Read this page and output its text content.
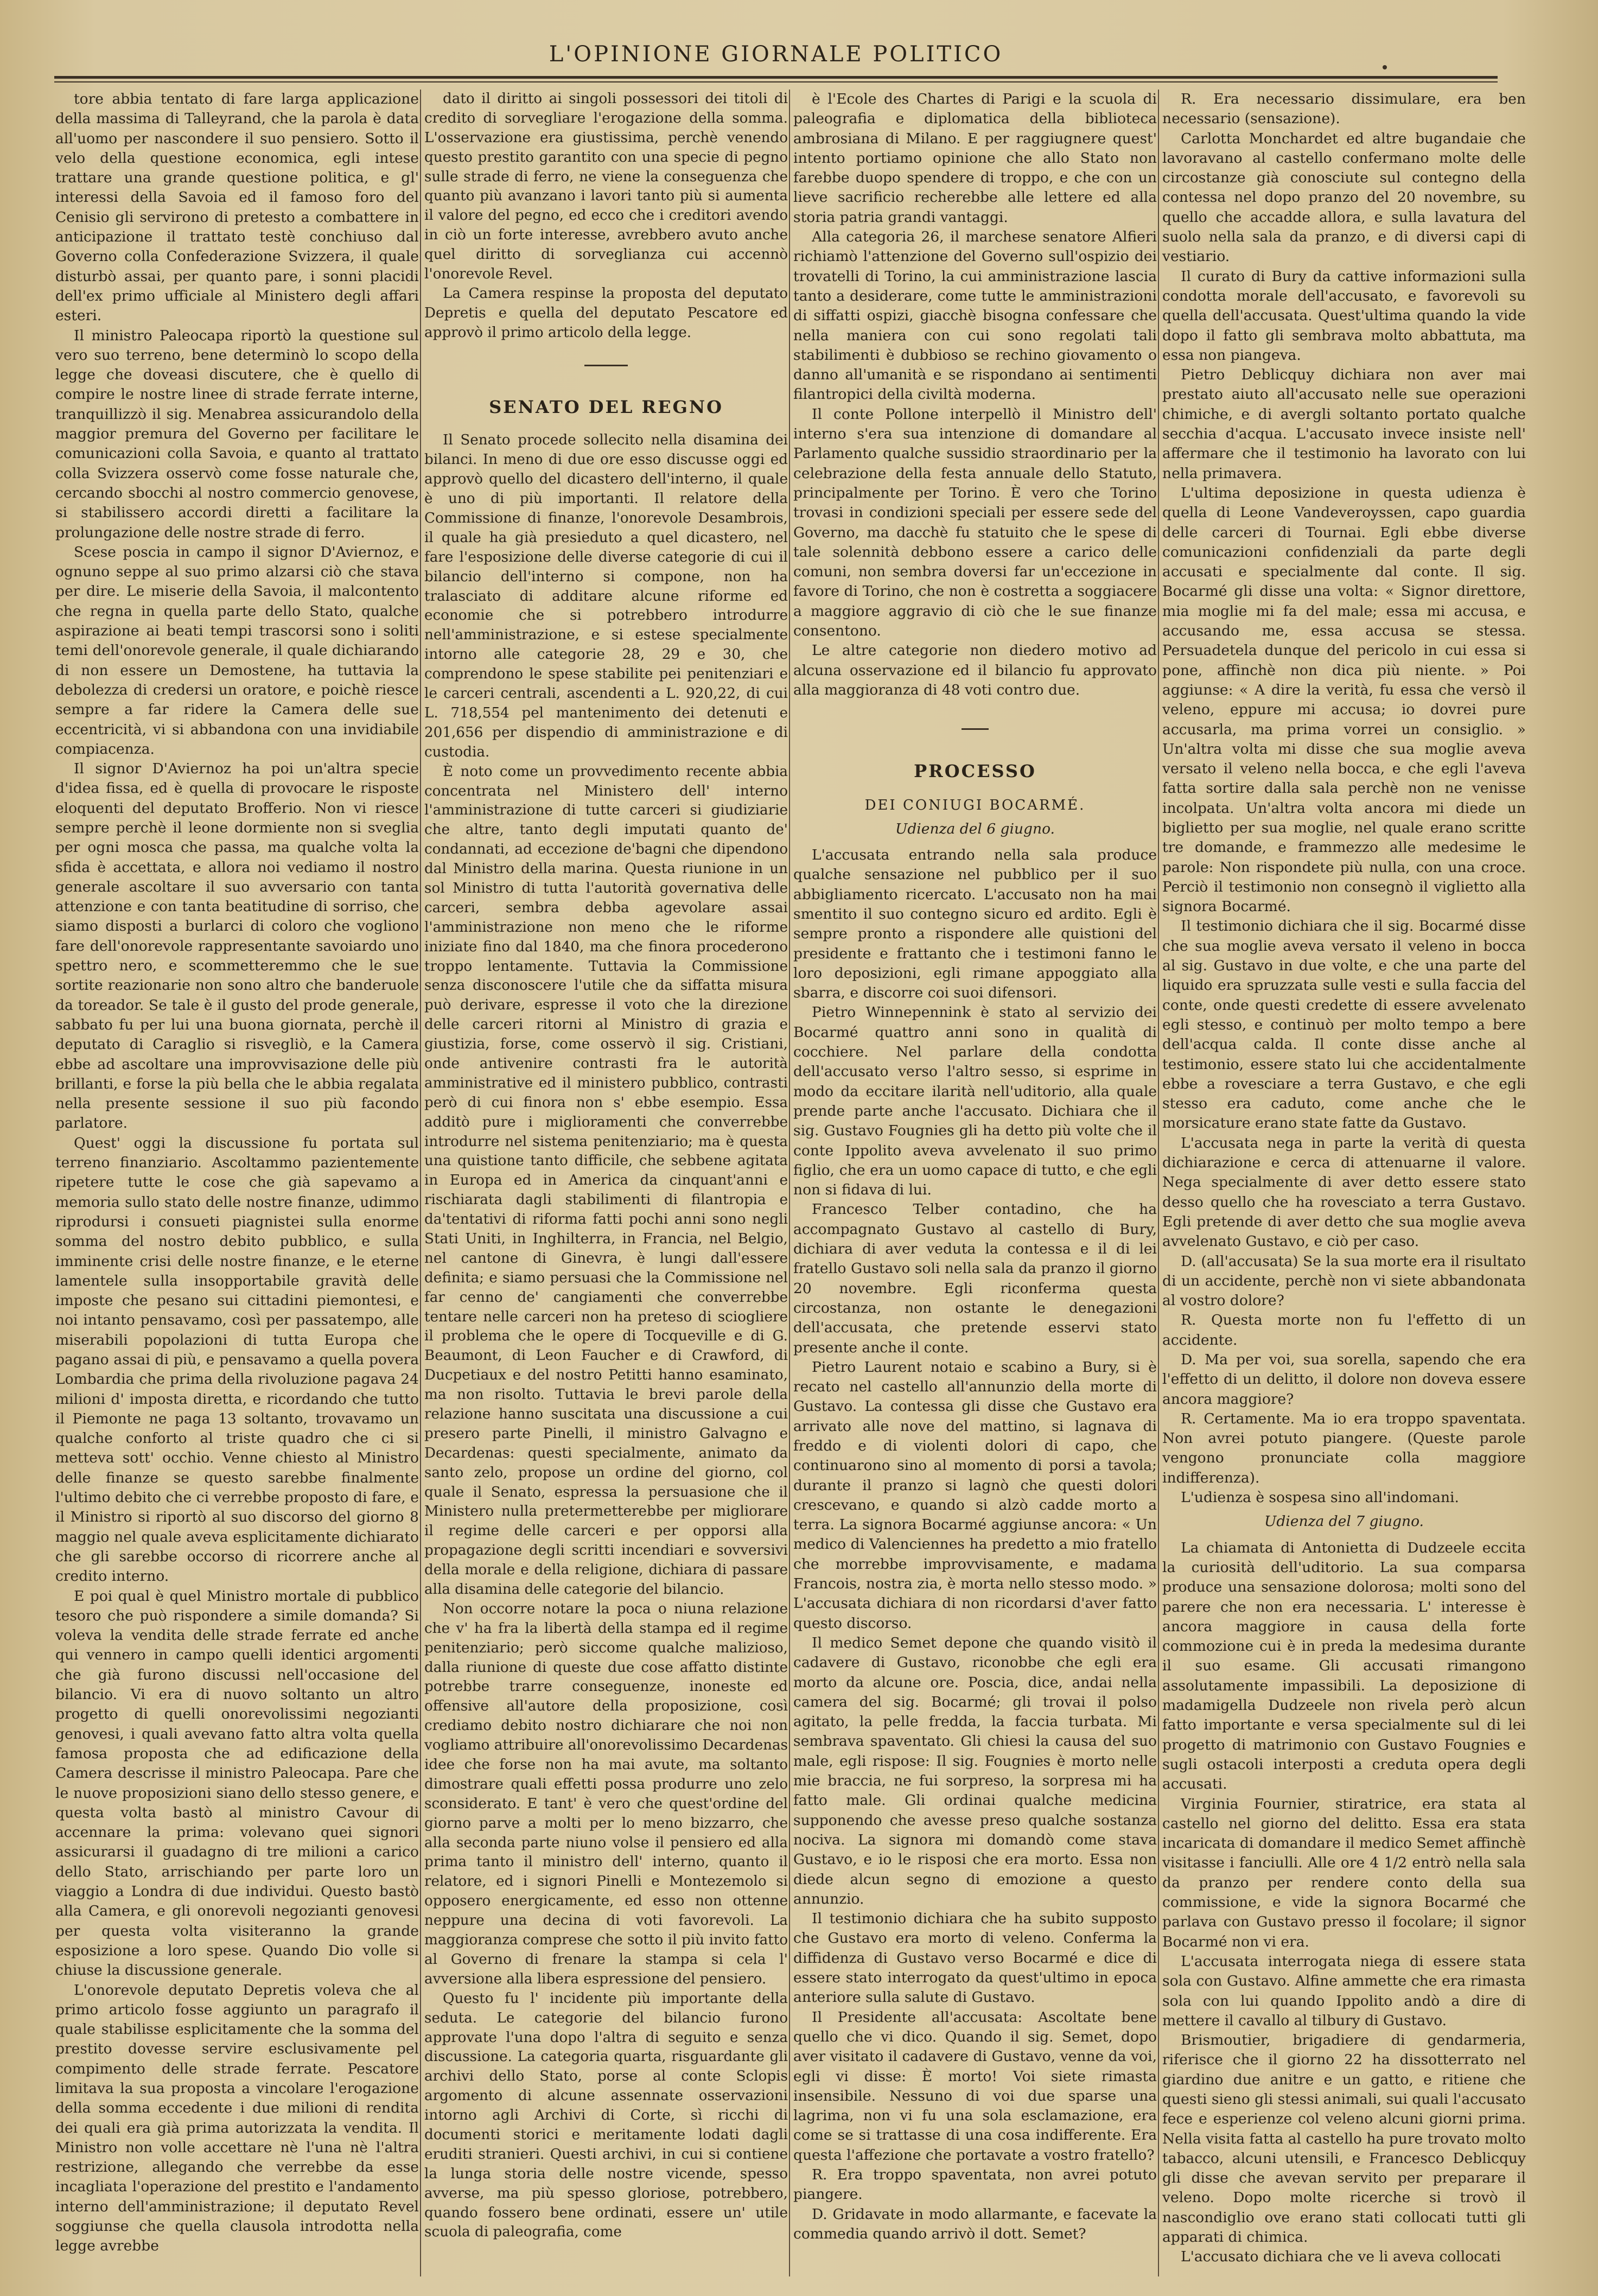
L'OPINIONE GIORNALE POLITICO

tore abbia tentato di fare larga applicazione della massima di Talleyrand, che la parola è data all'uomo per nascondere il suo pensiero. Sotto il velo della questione economica, egli intese trattare una grande questione politica, e gl' interessi della Savoia ed il famoso foro del Cenisio gli servirono di pretesto a combattere in anticipazione il trattato testè conchiuso dal Governo colla Confederazione Svizzera, il quale disturbò assai, per quanto pare, i sonni placidi dell'ex primo ufficiale al Ministero degli affari esteri.

Il ministro Paleocapa riportò la questione sul vero suo terreno, bene determinò lo scopo della legge che doveasi discutere, che è quello di compire le nostre linee di strade ferrate interne, tranquillizzò il sig. Menabrea assicurandolo della maggior premura del Governo per facilitare le comunicazioni colla Savoia, e quanto al trattato colla Svizzera osservò come fosse naturale che, cercando sbocchi al nostro commercio genovese, si stabilissero accordi diretti a facilitare la prolungazione delle nostre strade di ferro.

Scese poscia in campo il signor D'Aviernoz, e ognuno seppe al suo primo alzarsi ciò che stava per dire. Le miserie della Savoia, il malcontento che regna in quella parte dello Stato, qualche aspirazione ai beati tempi trascorsi sono i soliti temi dell'onorevole generale, il quale dichiarando di non essere un Demostene, ha tuttavia la debolezza di credersi un oratore, e poichè riesce sempre a far ridere la Camera delle sue eccentricità, vi si abbandona con una invidiabile compiacenza.

Il signor D'Aviernoz ha poi un'altra specie d'idea fissa, ed è quella di provocare le risposte eloquenti del deputato Brofferio. Non vi riesce sempre perchè il leone dormiente non si sveglia per ogni mosca che passa, ma qualche volta la sfida è accettata, e allora noi vediamo il nostro generale ascoltare il suo avversario con tanta attenzione e con tanta beatitudine di sorriso, che siamo disposti a burlarci di coloro che vogliono fare dell'onorevole rappresentante savoiardo uno spettro nero, e scommetteremmo che le sue sortite reazionarie non sono altro che banderuole da toreador. Se tale è il gusto del prode generale, sabbato fu per lui una buona giornata, perchè il deputato di Caraglio si risvegliò, e la Camera ebbe ad ascoltare una improvvisazione delle più brillanti, e forse la più bella che le abbia regalata nella presente sessione il suo più facondo parlatore.

Quest' oggi la discussione fu portata sul terreno finanziario. Ascoltammo pazientemente ripetere tutte le cose che già sapevamo a memoria sullo stato delle nostre finanze, udimmo riprodursi i consueti piagnistei sulla enorme somma del nostro debito pubblico, e sulla imminente crisi delle nostre finanze, e le eterne lamentele sulla insopportabile gravità delle imposte che pesano sui cittadini piemontesi, e noi intanto pensavamo, così per passatempo, alle miserabili popolazioni di tutta Europa che pagano assai di più, e pensavamo a quella povera Lombardia che prima della rivoluzione pagava 24 milioni d' imposta diretta, e ricordando che tutto il Piemonte ne paga 13 soltanto, trovavamo un qualche conforto al triste quadro che ci si metteva sott' occhio. Venne chiesto al Ministro delle finanze se questo sarebbe finalmente l'ultimo debito che ci verrebbe proposto di fare, e il Ministro si riportò al suo discorso del giorno 8 maggio nel quale aveva esplicitamente dichiarato che gli sarebbe occorso di ricorrere anche al credito interno.

E poi qual è quel Ministro mortale di pubblico tesoro che può rispondere a simile domanda? Si voleva la vendita delle strade ferrate ed anche qui vennero in campo quelli identici argomenti che già furono discussi nell'occasione del bilancio. Vi era di nuovo soltanto un altro progetto di quelli onorevolissimi negozianti genovesi, i quali avevano fatto altra volta quella famosa proposta che ad edificazione della Camera descrisse il ministro Paleocapa. Pare che le nuove proposizioni siano dello stesso genere, e questa volta bastò al ministro Cavour di accennare la prima: volevano quei signori assicurarsi il guadagno di tre milioni a carico dello Stato, arrischiando per parte loro un viaggio a Londra di due individui. Questo bastò alla Camera, e gli onorevoli negozianti genovesi per questa volta visiteranno la grande esposizione a loro spese. Quando Dio volle si chiuse la discussione generale.

L'onorevole deputato Depretis voleva che al primo articolo fosse aggiunto un paragrafo il quale stabilisse esplicitamente che la somma del prestito dovesse servire esclusivamente pel compimento delle strade ferrate. Pescatore limitava la sua proposta a vincolare l'erogazione della somma eccedente i due milioni di rendita dei quali era già prima autorizzata la vendita. Il Ministro non volle accettare nè l'una nè l'altra restrizione, allegando che verrebbe da esse incagliata l'operazione del prestito e l'andamento interno dell'amministrazione; il deputato Revel soggiunse che quella clausola introdotta nella legge avrebbe

dato il diritto ai singoli possessori dei titoli di credito di sorvegliare l'erogazione della somma. L'osservazione era giustissima, perchè venendo questo prestito garantito con una specie di pegno sulle strade di ferro, ne viene la conseguenza che quanto più avanzano i lavori tanto più si aumenta il valore del pegno, ed ecco che i creditori avendo in ciò un forte interesse, avrebbero avuto anche quel diritto di sorveglianza cui accennò l'onorevole Revel.

La Camera respinse la proposta del deputato Depretis e quella del deputato Pescatore ed approvò il primo articolo della legge.

SENATO DEL REGNO

Il Senato procede sollecito nella disamina dei bilanci. In meno di due ore esso discusse oggi ed approvò quello del dicastero dell'interno, il quale è uno di più importanti. Il relatore della Commissione di finanze, l'onorevole Desambrois, il quale ha già presieduto a quel dicastero, nel fare l'esposizione delle diverse categorie di cui il bilancio dell'interno si compone, non ha tralasciato di additare alcune riforme ed economie che si potrebbero introdurre nell'amministrazione, e si estese specialmente intorno alle categorie 28, 29 e 30, che comprendono le spese stabilite pei penitenziari e le carceri centrali, ascendenti a L. 920,22, di cui L. 718,554 pel mantenimento dei detenuti e 201,656 per dispendio di amministrazione e di custodia.

È noto come un provvedimento recente abbia concentrata nel Ministero dell' interno l'amministrazione di tutte carceri si giudiziarie che altre, tanto degli imputati quanto de' condannati, ad eccezione de'bagni che dipendono dal Ministro della marina. Questa riunione in un sol Ministro di tutta l'autorità governativa delle carceri, sembra debba agevolare assai l'amministrazione non meno che le riforme iniziate fino dal 1840, ma che finora procederono troppo lentamente. Tuttavia la Commissione senza disconoscere l'utile che da siffatta misura può derivare, espresse il voto che la direzione delle carceri ritorni al Ministro di grazia e giustizia, forse, come osservò il sig. Cristiani, onde antivenire contrasti fra le autorità amministrative ed il ministero pubblico, contrasti però di cui finora non s' ebbe esempio. Essa additò pure i miglioramenti che converrebbe introdurre nel sistema penitenziario; ma è questa una quistione tanto difficile, che sebbene agitata in Europa ed in America da cinquant'anni e rischiarata dagli stabilimenti di filantropia e da'tentativi di riforma fatti pochi anni sono negli Stati Uniti, in Inghilterra, in Francia, nel Belgio, nel cantone di Ginevra, è lungi dall'essere definita; e siamo persuasi che la Commissione nel far cenno de' cangiamenti che converrebbe tentare nelle carceri non ha preteso di sciogliere il problema che le opere di Tocqueville e di G. Beaumont, di Leon Faucher e di Crawford, di Ducpetiaux e del nostro Petitti hanno esaminato, ma non risolto. Tuttavia le brevi parole della relazione hanno suscitata una discussione a cui presero parte Pinelli, il ministro Galvagno e Decardenas: questi specialmente, animato da santo zelo, propose un ordine del giorno, col quale il Senato, espressa la persuasione che il Ministero nulla pretermetterebbe per migliorare il regime delle carceri e per opporsi alla propagazione degli scritti incendiari e sovversivi della morale e della religione, dichiara di passare alla disamina delle categorie del bilancio.

Non occorre notare la poca o niuna relazione che v' ha fra la libertà della stampa ed il regime penitenziario; però siccome qualche malizioso, dalla riunione di queste due cose affatto distinte potrebbe trarre conseguenze, inoneste ed offensive all'autore della proposizione, così crediamo debito nostro dichiarare che noi non vogliamo attribuire all'onorevolissimo Decardenas idee che forse non ha mai avute, ma soltanto dimostrare quali effetti possa produrre uno zelo sconsiderato. E tant' è vero che quest'ordine del giorno parve a molti per lo meno bizzarro, che alla seconda parte niuno volse il pensiero ed alla prima tanto il ministro dell' interno, quanto il relatore, ed i signori Pinelli e Montezemolo si opposero energicamente, ed esso non ottenne neppure una decina di voti favorevoli. La maggioranza comprese che sotto il più invito fatto al Governo di frenare la stampa si cela l' avversione alla libera espressione del pensiero.

Questo fu l' incidente più importante della seduta. Le categorie del bilancio furono approvate l'una dopo l'altra di seguito e senza discussione. La categoria quarta, risguardante gli archivi dello Stato, porse al conte Sclopis argomento di alcune assennate osservazioni intorno agli Archivi di Corte, sì ricchi di documenti storici e meritamente lodati dagli eruditi stranieri. Questi archivi, in cui si contiene la lunga storia delle nostre vicende, spesso avverse, ma più spesso gloriose, potrebbero, quando fossero bene ordinati, essere un' utile scuola di paleografia, come

è l'Ecole des Chartes di Parigi e la scuola di paleografia e diplomatica della biblioteca ambrosiana di Milano. E per raggiugnere quest' intento portiamo opinione che allo Stato non farebbe duopo spendere di troppo, e che con un lieve sacrificio recherebbe alle lettere ed alla storia patria grandi vantaggi.

Alla categoria 26, il marchese senatore Alfieri richiamò l'attenzione del Governo sull'ospizio dei trovatelli di Torino, la cui amministrazione lascia tanto a desiderare, come tutte le amministrazioni di siffatti ospizi, giacchè bisogna confessare che nella maniera con cui sono regolati tali stabilimenti è dubbioso se rechino giovamento o danno all'umanità e se rispondano ai sentimenti filantropici della civiltà moderna.

Il conte Pollone interpellò il Ministro dell' interno s'era sua intenzione di domandare al Parlamento qualche sussidio straordinario per la celebrazione della festa annuale dello Statuto, principalmente per Torino. È vero che Torino trovasi in condizioni speciali per essere sede del Governo, ma dacchè fu statuito che le spese di tale solennità debbono essere a carico delle comuni, non sembra doversi far un'eccezione in favore di Torino, che non è costretta a soggiacere a maggiore aggravio di ciò che le sue finanze consentono.

Le altre categorie non diedero motivo ad alcuna osservazione ed il bilancio fu approvato alla maggioranza di 48 voti contro due.

PROCESSO
DEI CONIUGI BOCARMÉ.
Udienza del 6 giugno.

L'accusata entrando nella sala produce qualche sensazione nel pubblico per il suo abbigliamento ricercato. L'accusato non ha mai smentito il suo contegno sicuro ed ardito. Egli è sempre pronto a rispondere alle quistioni del presidente e frattanto che i testimoni fanno le loro deposizioni, egli rimane appoggiato alla sbarra, e discorre coi suoi difensori.

Pietro Winnepennink è stato al servizio dei Bocarmé quattro anni sono in qualità di cocchiere. Nel parlare della condotta dell'accusato verso l'altro sesso, si esprime in modo da eccitare ilarità nell'uditorio, alla quale prende parte anche l'accusato. Dichiara che il sig. Gustavo Fougnies gli ha detto più volte che il conte Ippolito aveva avvelenato il suo primo figlio, che era un uomo capace di tutto, e che egli non si fidava di lui.

Francesco Telber contadino, che ha accompagnato Gustavo al castello di Bury, dichiara di aver veduta la contessa e il di lei fratello Gustavo soli nella sala da pranzo il giorno 20 novembre. Egli riconferma questa circostanza, non ostante le denegazioni dell'accusata, che pretende esservi stato presente anche il conte.

Pietro Laurent notaio e scabino a Bury, si è recato nel castello all'annunzio della morte di Gustavo. La contessa gli disse che Gustavo era arrivato alle nove del mattino, si lagnava di freddo e di violenti dolori di capo, che continuarono sino al momento di porsi a tavola; durante il pranzo si lagnò che questi dolori crescevano, e quando si alzò cadde morto a terra. La signora Bocarmé aggiunse ancora: « Un medico di Valenciennes ha predetto a mio fratello che morrebbe improvvisamente, e madama Francois, nostra zia, è morta nello stesso modo. » L'accusata dichiara di non ricordarsi d'aver fatto questo discorso.

Il medico Semet depone che quando visitò il cadavere di Gustavo, riconobbe che egli era morto da alcune ore. Poscia, dice, andai nella camera del sig. Bocarmé; gli trovai il polso agitato, la pelle fredda, la faccia turbata. Mi sembrava spaventato. Gli chiesi la causa del suo male, egli rispose: Il sig. Fougnies è morto nelle mie braccia, ne fui sorpreso, la sorpresa mi ha fatto male. Gli ordinai qualche medicina supponendo che avesse preso qualche sostanza nociva. La signora mi domandò come stava Gustavo, e io le risposi che era morto. Essa non diede alcun segno di emozione a questo annunzio.

Il testimonio dichiara che ha subito supposto che Gustavo era morto di veleno. Conferma la diffidenza di Gustavo verso Bocarmé e dice di essere stato interrogato da quest'ultimo in epoca anteriore sulla salute di Gustavo.

Il Presidente all'accusata: Ascoltate bene quello che vi dico. Quando il sig. Semet, dopo aver visitato il cadavere di Gustavo, venne da voi, egli vi disse: È morto! Voi siete rimasta insensibile. Nessuno di voi due sparse una lagrima, non vi fu una sola esclamazione, era come se si trattasse di una cosa indifferente. Era questa l'affezione che portavate a vostro fratello?

R. Era troppo spaventata, non avrei potuto piangere.

D. Gridavate in modo allarmante, e facevate la commedia quando arrivò il dott. Semet?

R. Era necessario dissimulare, era ben necessario (sensazione).

Carlotta Monchardet ed altre bugandaie che lavoravano al castello confermano molte delle circostanze già conosciute sul contegno della contessa nel dopo pranzo del 20 novembre, su quello che accadde allora, e sulla lavatura del suolo nella sala da pranzo, e di diversi capi di vestiario.

Il curato di Bury da cattive informazioni sulla condotta morale dell'accusato, e favorevoli su quella dell'accusata. Quest'ultima quando la vide dopo il fatto gli sembrava molto abbattuta, ma essa non piangeva.

Pietro Deblicquy dichiara non aver mai prestato aiuto all'accusato nelle sue operazioni chimiche, e di avergli soltanto portato qualche secchia d'acqua. L'accusato invece insiste nell' affermare che il testimonio ha lavorato con lui nella primavera.

L'ultima deposizione in questa udienza è quella di Leone Vandeveroyssen, capo guardia delle carceri di Tournai. Egli ebbe diverse comunicazioni confidenziali da parte degli accusati e specialmente dal conte. Il sig. Bocarmé gli disse una volta: « Signor direttore, mia moglie mi fa del male; essa mi accusa, e accusando me, essa accusa se stessa. Persuadetela dunque del pericolo in cui essa si pone, affinchè non dica più niente. » Poi aggiunse: « A dire la verità, fu essa che versò il veleno, eppure mi accusa; io dovrei pure accusarla, ma prima vorrei un consiglio. » Un'altra volta mi disse che sua moglie aveva versato il veleno nella bocca, e che egli l'aveva fatta sortire dalla sala perchè non ne venisse incolpata. Un'altra volta ancora mi diede un biglietto per sua moglie, nel quale erano scritte tre domande, e frammezzo alle medesime le parole: Non rispondete più nulla, con una croce. Perciò il testimonio non consegnò il viglietto alla signora Bocarmé.

Il testimonio dichiara che il sig. Bocarmé disse che sua moglie aveva versato il veleno in bocca al sig. Gustavo in due volte, e che una parte del liquido era spruzzata sulle vesti e sulla faccia del conte, onde questi credette di essere avvelenato egli stesso, e continuò per molto tempo a bere dell'acqua calda. Il conte disse anche al testimonio, essere stato lui che accidentalmente ebbe a rovesciare a terra Gustavo, e che egli stesso era caduto, come anche che le morsicature erano state fatte da Gustavo.

L'accusata nega in parte la verità di questa dichiarazione e cerca di attenuarne il valore. Nega specialmente di aver detto essere stato desso quello che ha rovesciato a terra Gustavo. Egli pretende di aver detto che sua moglie aveva avvelenato Gustavo, e ciò per caso.

D. (all'accusata) Se la sua morte era il risultato di un accidente, perchè non vi siete abbandonata al vostro dolore?

R. Questa morte non fu l'effetto di un accidente.

D. Ma per voi, sua sorella, sapendo che era l'effetto di un delitto, il dolore non doveva essere ancora maggiore?

R. Certamente. Ma io era troppo spaventata. Non avrei potuto piangere. (Queste parole vengono pronunciate colla maggiore indifferenza).

L'udienza è sospesa sino all'indomani.

Udienza del 7 giugno.

La chiamata di Antonietta di Dudzeele eccita la curiosità dell'uditorio. La sua comparsa produce una sensazione dolorosa; molti sono del parere che non era necessaria. L' interesse è ancora maggiore in causa della forte commozione cui è in preda la medesima durante il suo esame. Gli accusati rimangono assolutamente impassibili. La deposizione di madamigella Dudzeele non rivela però alcun fatto importante e versa specialmente sul di lei progetto di matrimonio con Gustavo Fougnies e sugli ostacoli interposti a creduta opera degli accusati.

Virginia Fournier, stiratrice, era stata al castello nel giorno del delitto. Essa era stata incaricata di domandare il medico Semet affinchè visitasse i fanciulli. Alle ore 4 1/2 entrò nella sala da pranzo per rendere conto della sua commissione, e vide la signora Bocarmé che parlava con Gustavo presso il focolare; il signor Bocarmé non vi era.

L'accusata interrogata niega di essere stata sola con Gustavo. Alfine ammette che era rimasta sola con lui quando Ippolito andò a dire di mettere il cavallo al tilbury di Gustavo.

Brismoutier, brigadiere di gendarmeria, riferisce che il giorno 22 ha dissotterrato nel giardino due anitre e un gatto, e ritiene che questi sieno gli stessi animali, sui quali l'accusato fece e esperienze col veleno alcuni giorni prima. Nella visita fatta al castello ha pure trovato molto tabacco, alcuni utensili, e Francesco Deblicquy gli disse che avevan servito per preparare il veleno. Dopo molte ricerche si trovò il nascondiglio ove erano stati collocati tutti gli apparati di chimica.

L'accusato dichiara che ve li aveva collocati
